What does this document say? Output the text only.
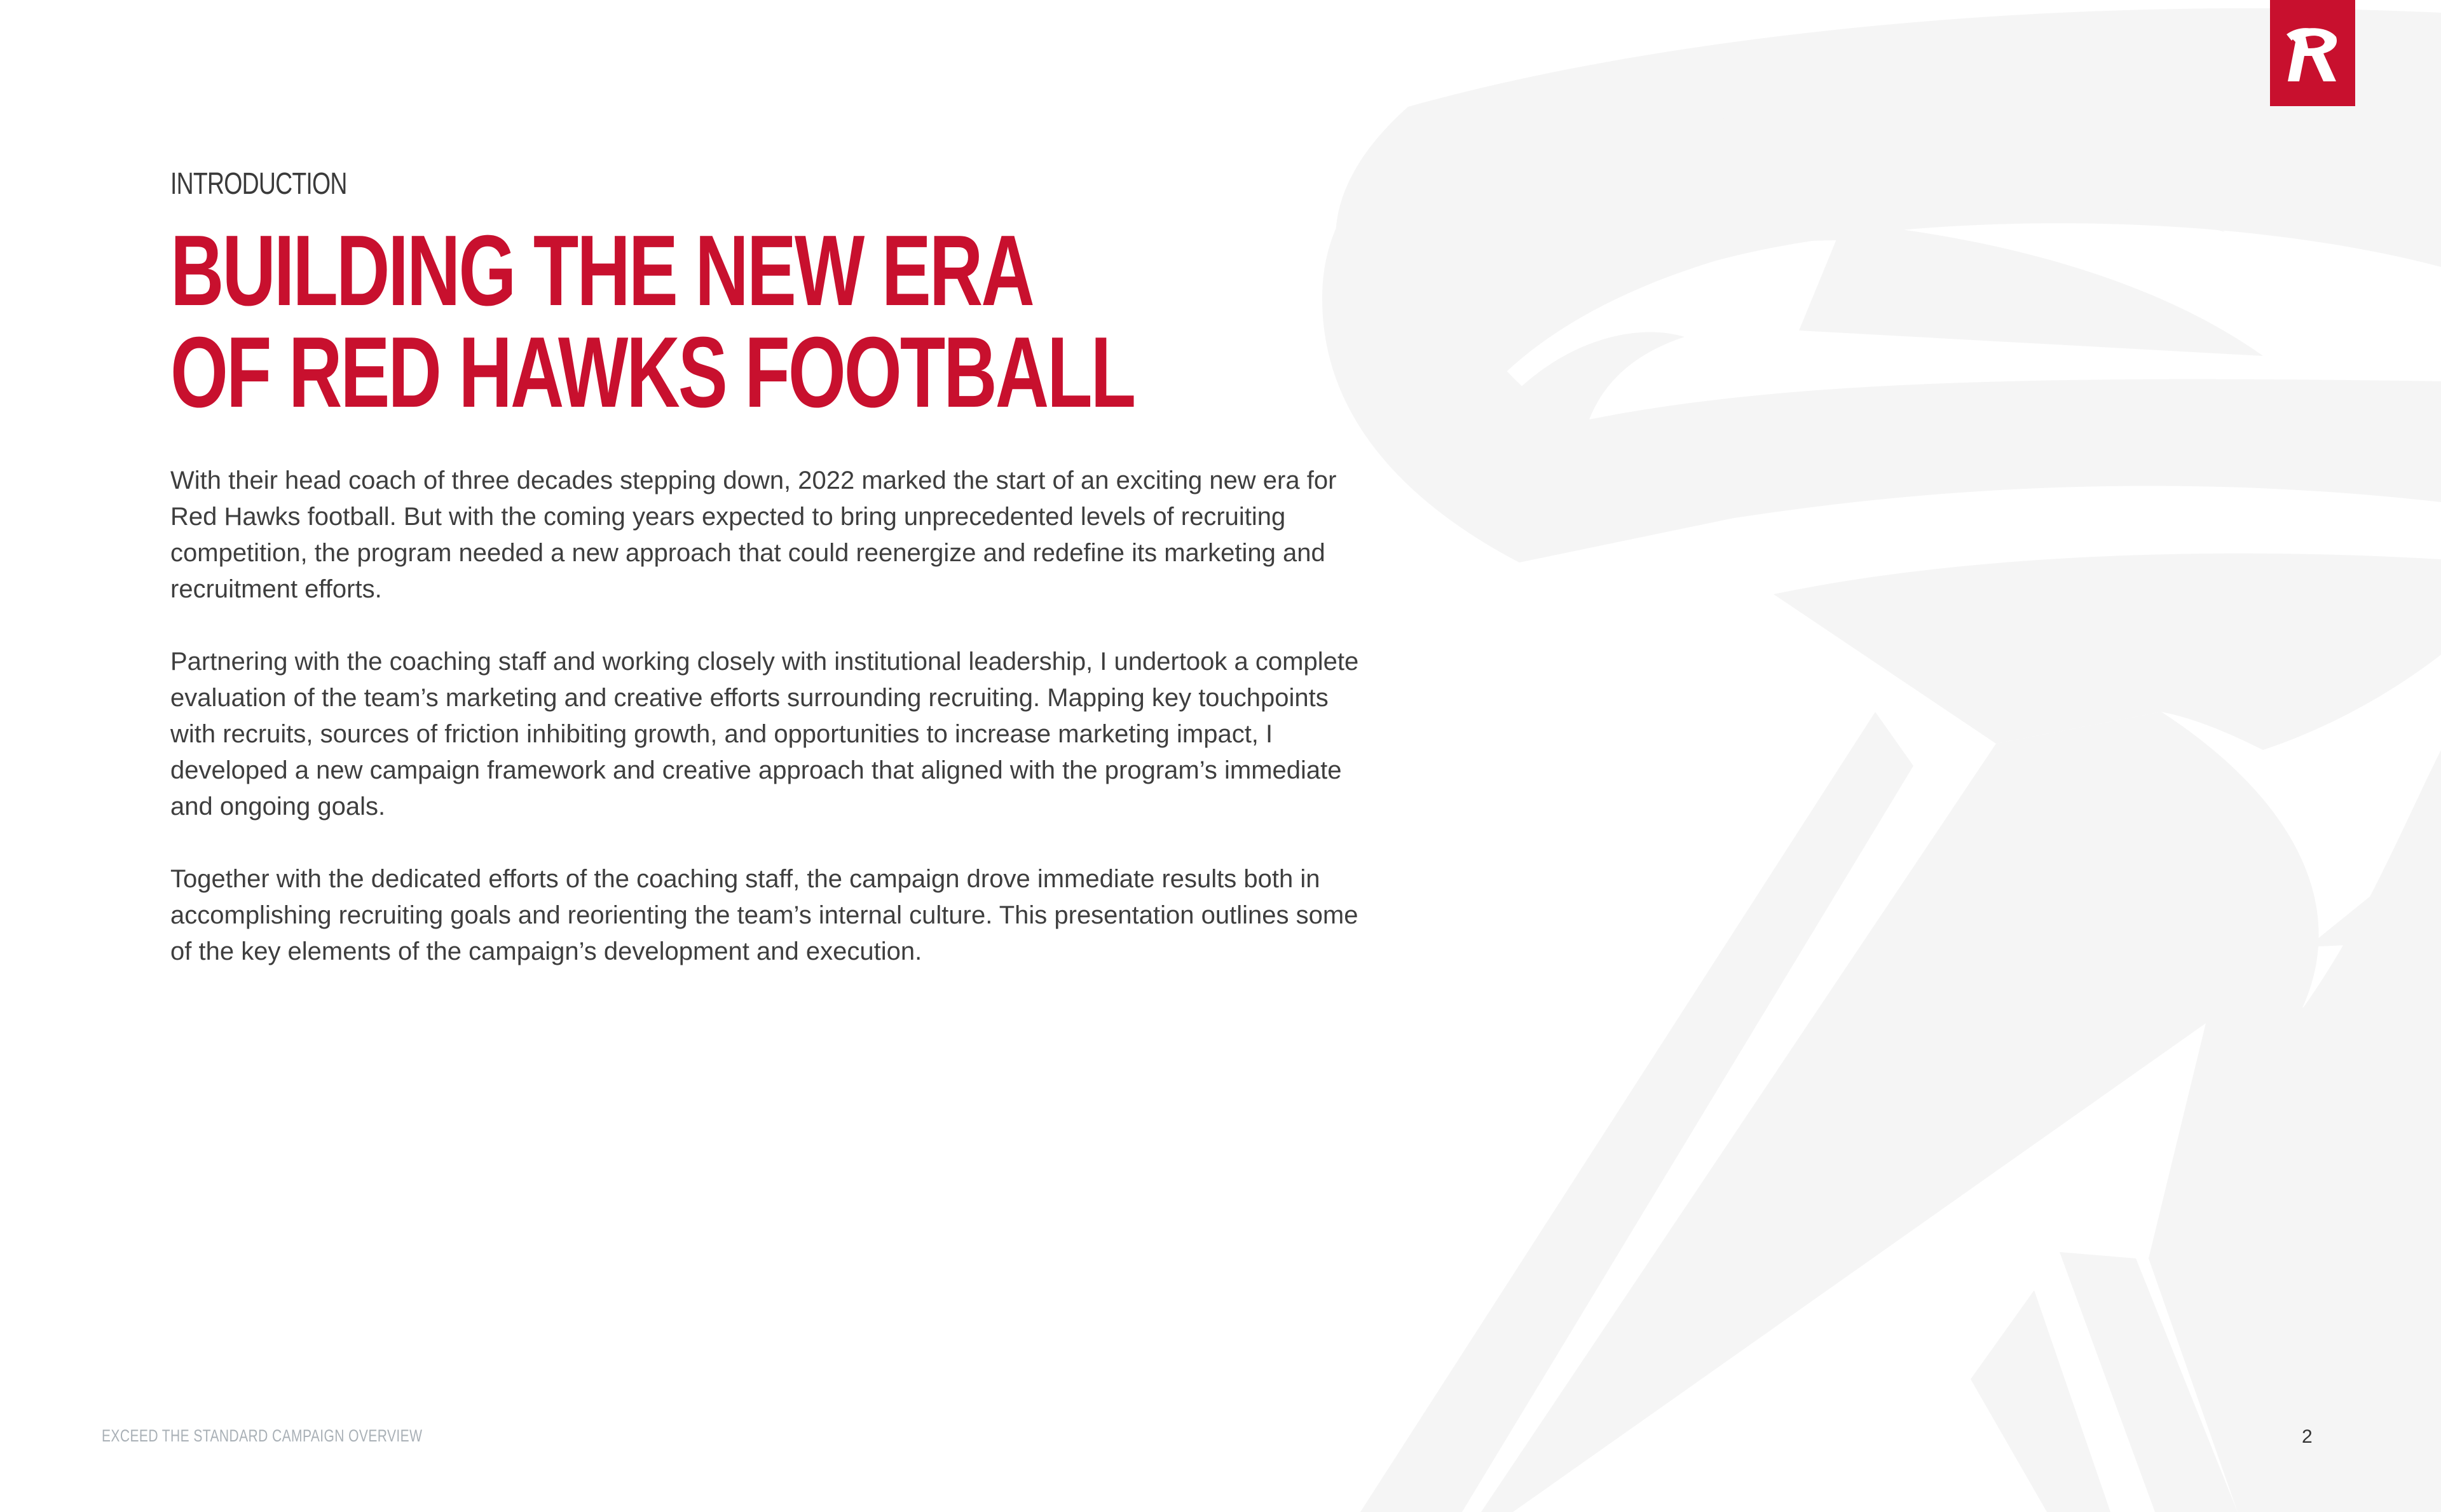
INTRODUCTION
BUILDING THE NEW ERA
OF RED HAWKS FOOTBALL

With their head coach of three decades stepping down, 2022 marked the start of an exciting new era for Red Hawks football. But with the coming years expected to bring unprecedented levels of recruiting competition, the program needed a new approach that could reenergize and redefine its marketing and recruitment efforts.

Partnering with the coaching staff and working closely with institutional leadership, I undertook a complete evaluation of the team’s marketing and creative efforts surrounding recruiting. Mapping key touchpoints with recruits, sources of friction inhibiting growth, and opportunities to increase marketing impact, I developed a new campaign framework and creative approach that aligned with the program’s immediate and ongoing goals.

Together with the dedicated efforts of the coaching staff, the campaign drove immediate results both in accomplishing recruiting goals and reorienting the team’s internal culture. This presentation outlines some of the key elements of the campaign’s development and execution.

EXCEED THE STANDARD CAMPAIGN OVERVIEW	2
